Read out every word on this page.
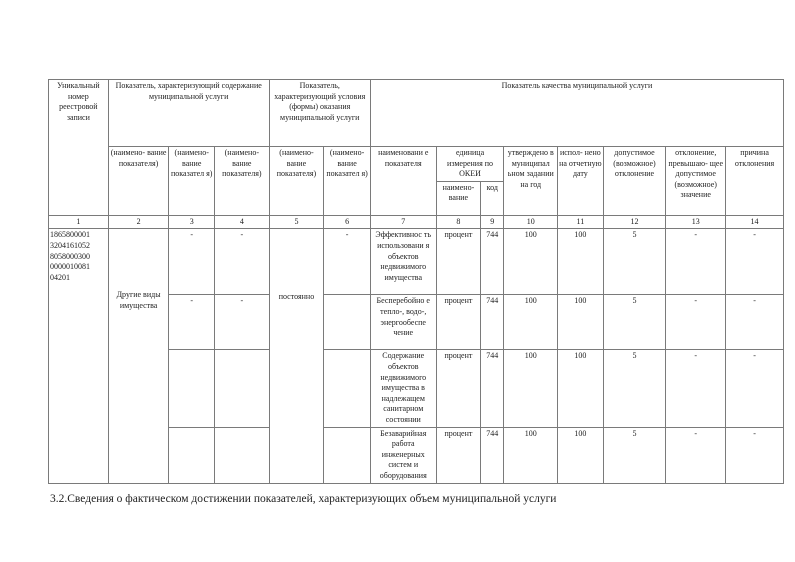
Уникальный номер реестровой записи	Показатель, характеризующий содержание муниципальной услуги			Показатель, характеризующий условия (формы) оказания муниципальной услуги		Показатель качества муниципальной услуги							
	(наимено- вание показателя)	(наимено- вание показател я)	(наимено- вание показателя)	(наимено- вание показателя)	(наимено- вание показател я)	наименовани е показателя	единица измерения по ОКЕИ		утверждено в муниципал ьном задании на год	испол- нено на отчетную дату	допустимое (возможное) отклонение	отклонение, превышаю- щее допустимое (возможное) значение	причина отклонения
							наимено- вание	код					
1	2	3	4	5	6	7	8	9	10	11	12	13	14
1865800001 3204161052 8058000300 0000010081 04201	Другие виды имущества	-	-	постоянно	-	Эффективнос ть использовани я объектов недвижимого имущества	процент	744	100	100	5	-	-
		-	-			Бесперебойно е тепло-, водо-, энергообеспе чение	процент	744	100	100	5	-	-
						Содержание объектов недвижимого имущества в надлежащем санитарном состоянии	процент	744	100	100	5	-	-
						Безаварийная работа инженерных систем и оборудования	процент	744	100	100	5	-	-
3.2.Сведения о фактическом достижении показателей, характеризующих объем муниципальной услуги
